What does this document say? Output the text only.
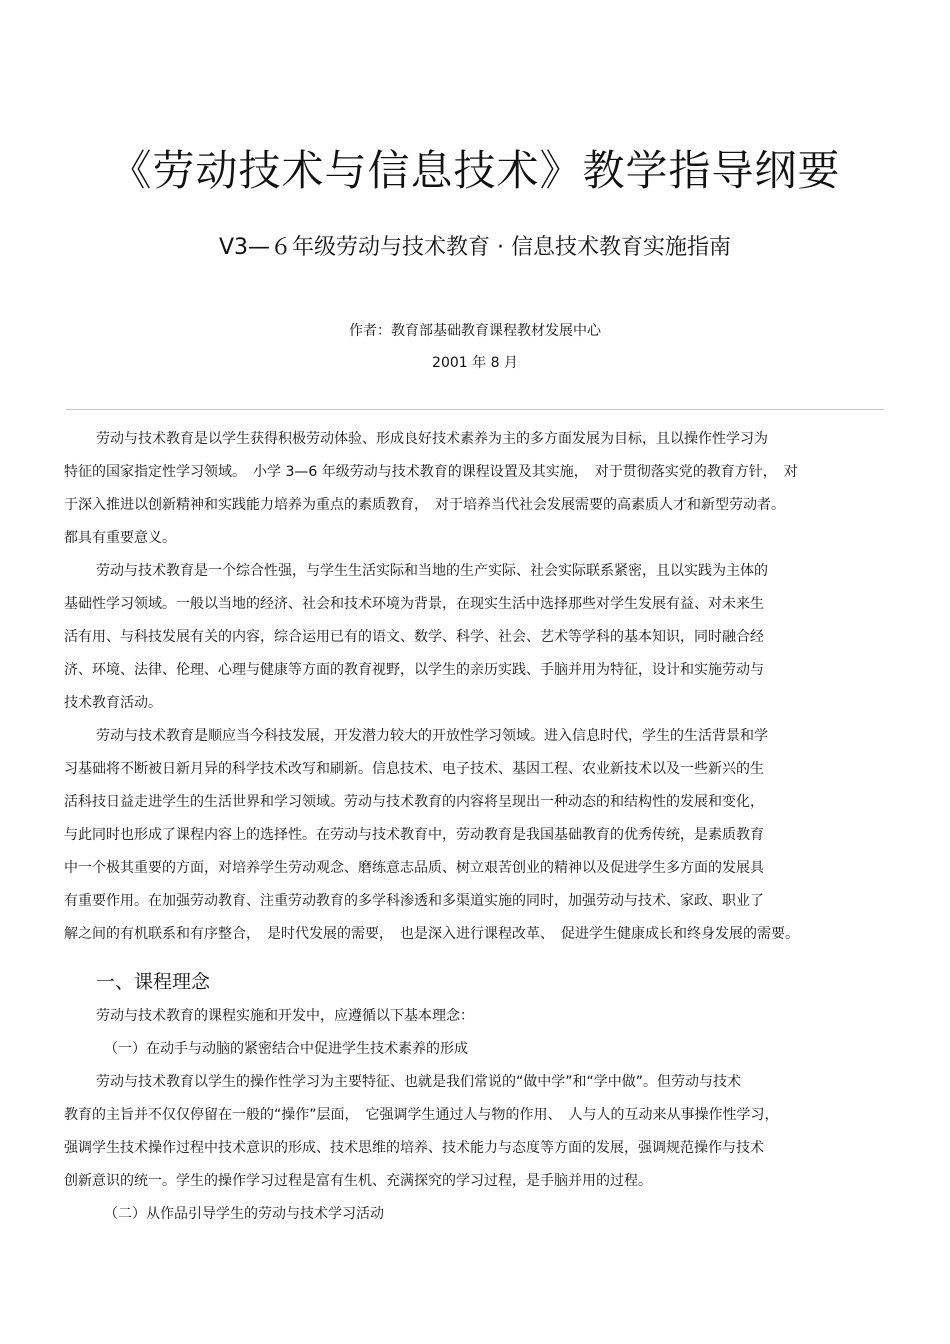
《劳动技术与信息技术》教学指导纲要
V3—６年级劳动与技术教育 · 信息技术教育实施指南
作者：教育部基础教育课程教材发展中心
2001 年 8 月
劳动与技术教育是以学生获得积极劳动体验、形成良好技术素养为主的多方面发展为目标，且以操作性学习为
特征的国家指定性学习领域。　小学 3—6 年级劳动与技术教育的课程设置及其实施，　对于贯彻落实党的教育方针，　对
于深入推进以创新精神和实践能力培养为重点的素质教育，　对于培养当代社会发展需要的高素质人才和新型劳动者。
都具有重要意义。
劳动与技术教育是一个综合性强，与学生生活实际和当地的生产实际、社会实际联系紧密，且以实践为主体的
基础性学习领域。一般以当地的经济、社会和技术环境为背景，在现实生活中选择那些对学生发展有益、对未来生
活有用、与科技发展有关的内容，综合运用已有的语文、数学、科学、社会、艺术等学科的基本知识，同时融合经
济、环境、法律、伦理、心理与健康等方面的教育视野，以学生的亲历实践、手脑并用为特征，设计和实施劳动与
技术教育活动。
劳动与技术教育是顺应当今科技发展，开发潜力较大的开放性学习领域。进入信息时代，学生的生活背景和学
习基础将不断被日新月异的科学技术改写和刷新。信息技术、电子技术、基因工程、农业新技术以及一些新兴的生
活科技日益走进学生的生活世界和学习领域。劳动与技术教育的内容将呈现出一种动态的和结构性的发展和变化，
与此同时也形成了课程内容上的选择性。在劳动与技术教育中，劳动教育是我国基础教育的优秀传统，是素质教育
中一个极其重要的方面，对培养学生劳动观念、磨练意志品质、树立艰苦创业的精神以及促进学生多方面的发展具
有重要作用。在加强劳动教育、注重劳动教育的多学科渗透和多渠道实施的同时，加强劳动与技术、家政、职业了
解之间的有机联系和有序整合，　是时代发展的需要，　也是深入进行课程改革、　促进学生健康成长和终身发展的需要。
一、课程理念
劳动与技术教育的课程实施和开发中，应遵循以下基本理念：
（一）在动手与动脑的紧密结合中促进学生技术素养的形成
劳动与技术教育以学生的操作性学习为主要特征、也就是我们常说的“做中学”和“学中做”。但劳动与技术
教育的主旨并不仅仅停留在一般的“操作”层面，　它强调学生通过人与物的作用、　人与人的互动来从事操作性学习，
强调学生技术操作过程中技术意识的形成、技术思维的培养、技术能力与态度等方面的发展，强调规范操作与技术
创新意识的统一。学生的操作学习过程是富有生机、充满探究的学习过程，是手脑并用的过程。
（二）从作品引导学生的劳动与技术学习活动
